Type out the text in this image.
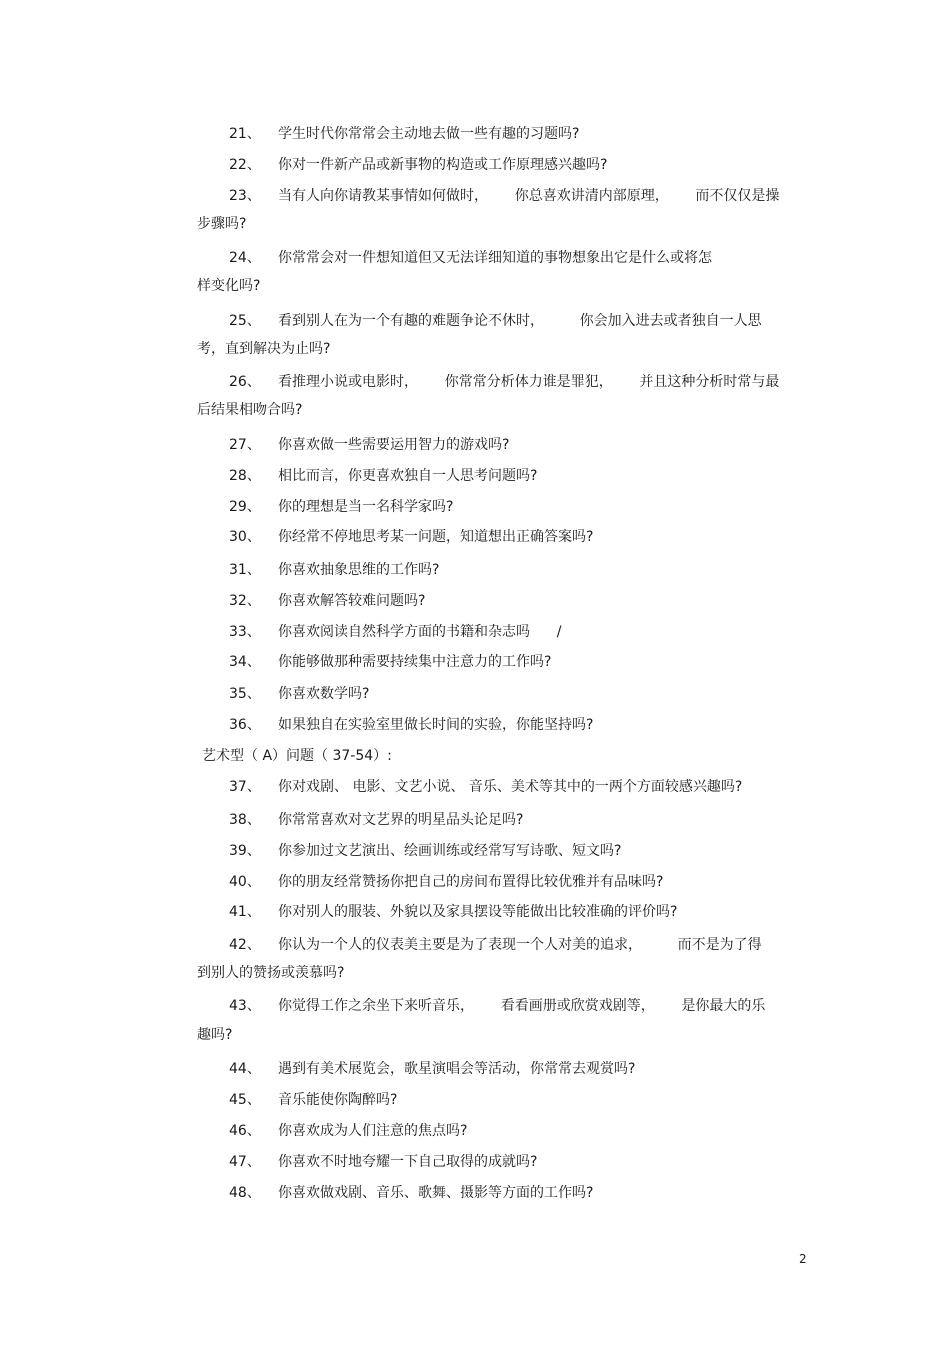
21、 学生时代你常常会主动地去做一些有趣的习题吗?
22、 你对一件新产品或新事物的构造或工作原理感兴趣吗?
23、 当有人向你请教某事情如何做时，      你总喜欢讲清内部原理，      而不仅仅是操
步骤吗?
24、 你常常会对一件想知道但又无法详细知道的事物想象出它是什么或将怎
样变化吗?
25、 看到别人在为一个有趣的难题争论不休时，        你会加入进去或者独自一人思
考，直到解决为止吗?
26、 看推理小说或电影时，      你常常分析体力谁是罪犯，      并且这种分析时常与最
后结果相吻合吗?
27、 你喜欢做一些需要运用智力的游戏吗?
28、 相比而言，你更喜欢独自一人思考问题吗?
29、 你的理想是当一名科学家吗?
30、 你经常不停地思考某一问题，知道想出正确答案吗?
31、 你喜欢抽象思维的工作吗?
32、 你喜欢解答较难问题吗?
33、 你喜欢阅读自然科学方面的书籍和杂志吗      /
34、 你能够做那种需要持续集中注意力的工作吗?
35、 你喜欢数学吗?
36、 如果独自在实验室里做长时间的实验，你能坚持吗?
艺术型（ A）问题（ 37-54）:
37、 你对戏剧、 电影、文艺小说、 音乐、美术等其中的一两个方面较感兴趣吗?
38、 你常常喜欢对文艺界的明星品头论足吗?
39、 你参加过文艺演出、绘画训练或经常写写诗歌、短文吗?
40、 你的朋友经常赞扬你把自己的房间布置得比较优雅并有品味吗?
41、 你对别人的服装、外貌以及家具摆设等能做出比较准确的评价吗?
42、 你认为一个人的仪表美主要是为了表现一个人对美的追求，        而不是为了得
到别人的赞扬或羡慕吗?
43、 你觉得工作之余坐下来听音乐，      看看画册或欣赏戏剧等，      是你最大的乐
趣吗?
44、 遇到有美术展览会，歌星演唱会等活动，你常常去观赏吗?
45、 音乐能使你陶醉吗?
46、 你喜欢成为人们注意的焦点吗?
47、 你喜欢不时地夸耀一下自己取得的成就吗?
48、 你喜欢做戏剧、音乐、歌舞、摄影等方面的工作吗?
2
